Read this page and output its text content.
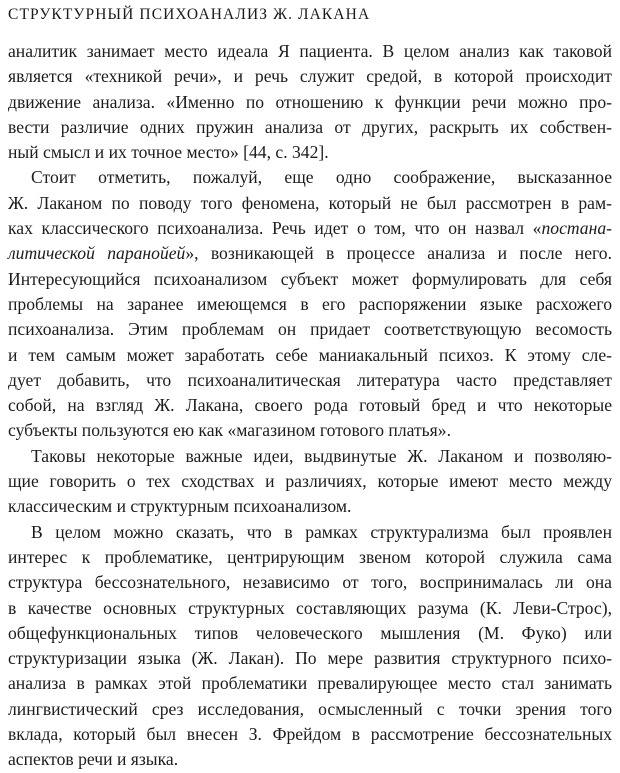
СТРУКТУРНЫЙ ПСИХОАНАЛИЗ Ж. ЛАКАНА
аналитик занимает место идеала Я пациента. В целом анализ как таковой
является «техникой речи», и речь служит средой, в которой происходит
движение анализа. «Именно по отношению к функции речи можно про-
вести различие одних пружин анализа от других, раскрыть их собствен-
ный смысл и их точное место» [44, с. 342].
Стоит отметить, пожалуй, еще одно соображение, высказанное
Ж. Лаканом по поводу того феномена, который не был рассмотрен в рам-
ках классического психоанализа. Речь идет о том, что он назвал «постана-
литической паранойей», возникающей в процессе анализа и после него.
Интересующийся психоанализом субъект может формулировать для себя
проблемы на заранее имеющемся в его распоряжении языке расхожего
психоанализа. Этим проблемам он придает соответствующую весомость
и тем самым может заработать себе маниакальный психоз. К этому сле-
дует добавить, что психоаналитическая литература часто представляет
собой, на взгляд Ж. Лакана, своего рода готовый бред и что некоторые
субъекты пользуются ею как «магазином готового платья».
Таковы некоторые важные идеи, выдвинутые Ж. Лаканом и позволяю-
щие говорить о тех сходствах и различиях, которые имеют место между
классическим и структурным психоанализом.
В целом можно сказать, что в рамках структурализма был проявлен
интерес к проблематике, центрирующим звеном которой служила сама
структура бессознательного, независимо от того, воспринималась ли она
в качестве основных структурных составляющих разума (К. Леви-Строс),
общефункциональных типов человеческого мышления (М. Фуко) или
структуризации языка (Ж. Лакан). По мере развития структурного психо-
анализа в рамках этой проблематики превалирующее место стал занимать
лингвистический срез исследования, осмысленный с точки зрения того
вклада, который был внесен З. Фрейдом в рассмотрение бессознательных
аспектов речи и языка.
